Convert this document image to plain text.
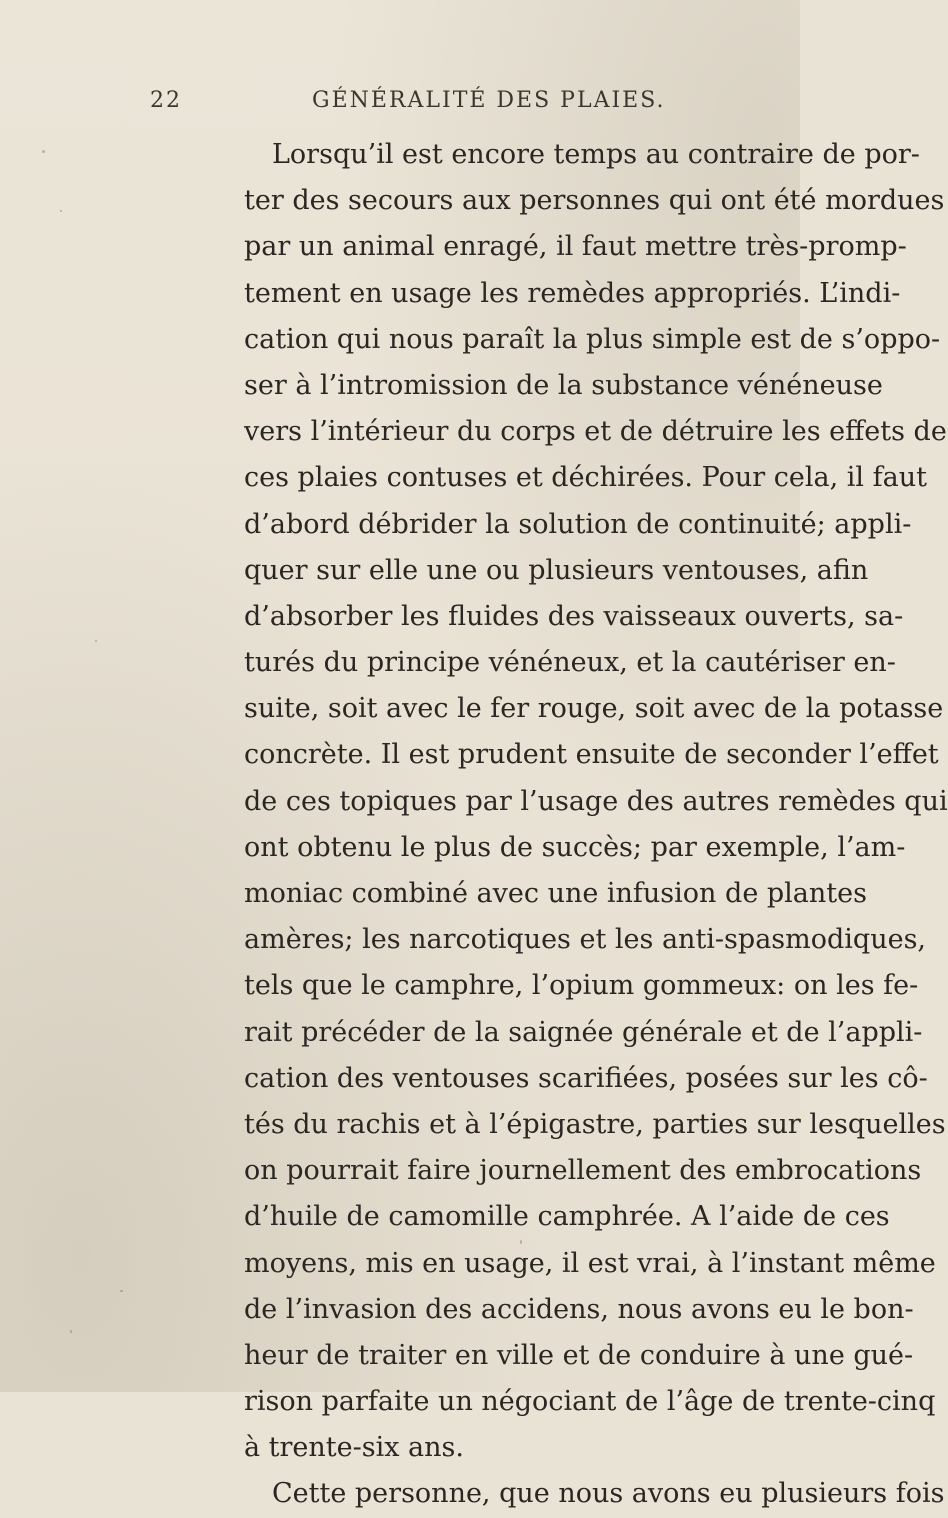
22	GÉNÉRALITÉ DES PLAIES.
Lorsqu’il est encore temps au contraire de por-
ter des secours aux personnes qui ont été mordues
par un animal enragé, il faut mettre très-promp-
tement en usage les remèdes appropriés. L’indi-
cation qui nous paraît la plus simple est de s’oppo-
ser à l’intromission de la substance vénéneuse
vers l’intérieur du corps et de détruire les effets de
ces plaies contuses et déchirées. Pour cela, il faut
d’abord débrider la solution de continuité; appli-
quer sur elle une ou plusieurs ventouses, afin
d’absorber les fluides des vaisseaux ouverts, sa-
turés du principe vénéneux, et la cautériser en-
suite, soit avec le fer rouge, soit avec de la potasse
concrète. Il est prudent ensuite de seconder l’effet
de ces topiques par l’usage des autres remèdes qui
ont obtenu le plus de succès; par exemple, l’am-
moniac combiné avec une infusion de plantes
amères; les narcotiques et les anti-spasmodiques,
tels que le camphre, l’opium gommeux: on les fe-
rait précéder de la saignée générale et de l’appli-
cation des ventouses scarifiées, posées sur les cô-
tés du rachis et à l’épigastre, parties sur lesquelles
on pourrait faire journellement des embrocations
d’huile de camomille camphrée. A l’aide de ces
moyens, mis en usage, il est vrai, à l’instant même
de l’invasion des accidens, nous avons eu le bon-
heur de traiter en ville et de conduire à une gué-
rison parfaite un négociant de l’âge de trente-cinq
à trente-six ans.
Cette personne, que nous avons eu plusieurs fois
